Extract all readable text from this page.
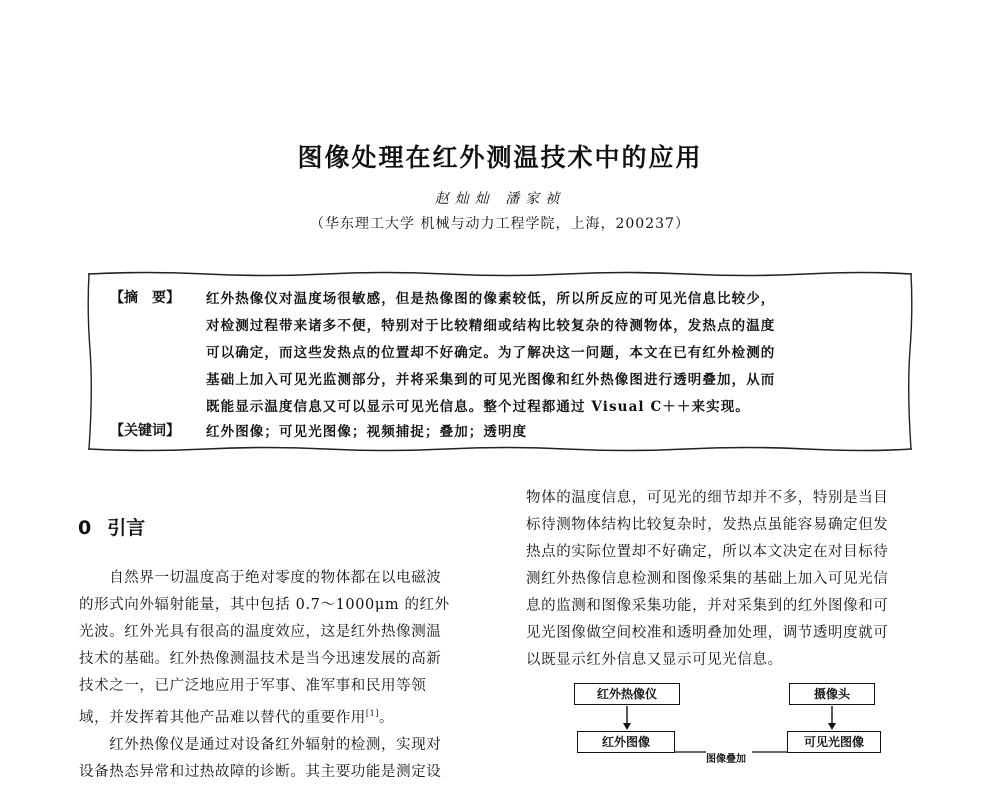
图像处理在红外测温技术中的应用
赵灿灿 潘家祯
（华东理工大学 机械与动力工程学院，上海，200237）
【摘　要】 红外热像仪对温度场很敏感，但是热像图的像素较低，所以所反应的可见光信息比较少，
对检测过程带来诸多不便，特别对于比较精细或结构比较复杂的待测物体，发热点的温度
可以确定，而这些发热点的位置却不好确定。为了解决这一问题，本文在已有红外检测的
基础上加入可见光监测部分，并将采集到的可见光图像和红外热像图进行透明叠加，从而
既能显示温度信息又可以显示可见光信息。整个过程都通过 Visual C＋＋来实现。
【关键词】 红外图像；可见光图像；视频捕捉；叠加；透明度
0 引言

　　自然界一切温度高于绝对零度的物体都在以电磁波

的形式向外辐射能量，其中包括 0.7～1000μm 的红外

光波。红外光具有很高的温度效应，这是红外热像测温

技术的基础。红外热像测温技术是当今迅速发展的高新

技术之一，已广泛地应用于军事、准军事和民用等领

域，并发挥着其他产品难以替代的重要作用[1]。

　　红外热像仪是通过对设备红外辐射的检测，实现对

设备热态异常和过热故障的诊断。其主要功能是测定设

物体的温度信息，可见光的细节却并不多，特别是当目

标待测物体结构比较复杂时，发热点虽能容易确定但发

热点的实际位置却不好确定，所以本文决定在对目标待

测红外热像信息检测和图像采集的基础上加入可见光信

息的监测和图像采集功能，并对采集到的红外图像和可

见光图像做空间校准和透明叠加处理，调节透明度就可

以既显示红外信息又显示可见光信息。

红外热像仪
红外图像
摄像头
可见光图像
图像叠加
